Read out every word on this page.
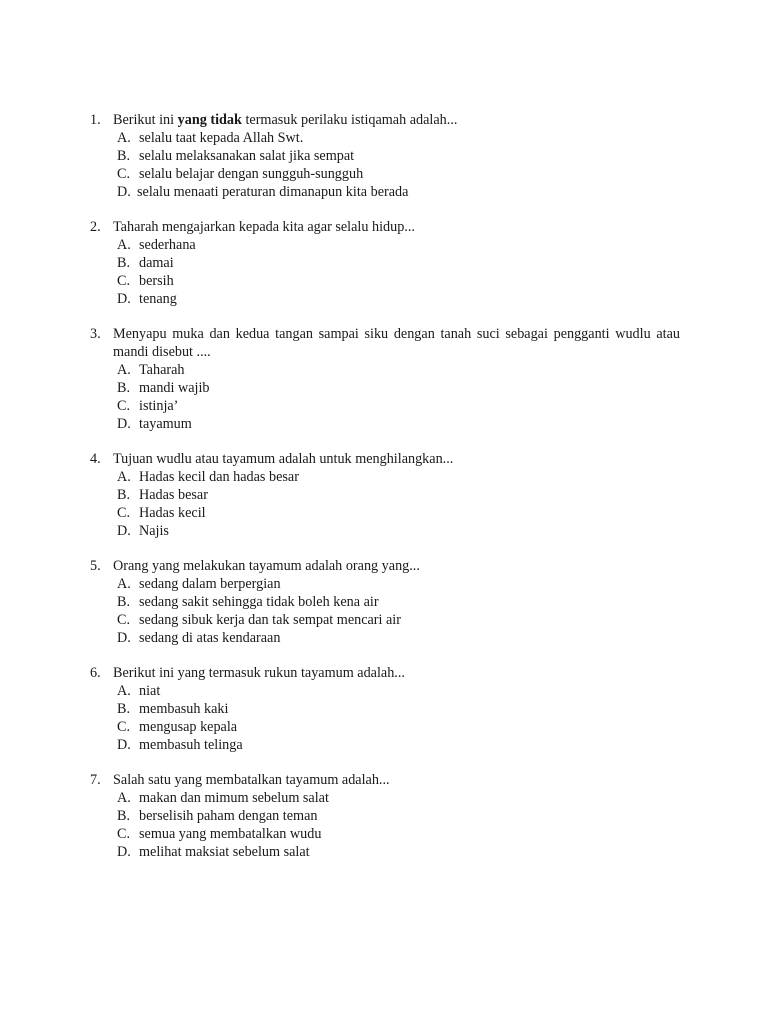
1. Berikut ini yang tidak termasuk perilaku istiqamah adalah...
A. selalu taat kepada Allah Swt.
B. selalu melaksanakan salat jika sempat
C. selalu belajar dengan sungguh-sungguh
D. selalu menaati peraturan dimanapun kita berada
2. Taharah mengajarkan kepada kita agar selalu hidup...
A. sederhana
B. damai
C. bersih
D. tenang
3. Menyapu muka dan kedua tangan sampai siku dengan tanah suci sebagai pengganti wudlu atau mandi disebut ....
A. Taharah
B. mandi wajib
C. istinja’
D. tayamum
4. Tujuan wudlu atau tayamum adalah untuk menghilangkan...
A. Hadas kecil dan hadas besar
B. Hadas besar
C. Hadas kecil
D. Najis
5. Orang yang melakukan tayamum adalah orang yang...
A. sedang dalam berpergian
B. sedang sakit sehingga tidak boleh kena air
C. sedang sibuk kerja dan tak sempat mencari air
D. sedang di atas kendaraan
6. Berikut ini yang termasuk rukun tayamum adalah...
A. niat
B. membasuh kaki
C. mengusap kepala
D. membasuh telinga
7. Salah satu yang membatalkan tayamum adalah...
A. makan dan mimum sebelum salat
B. berselisih paham dengan teman
C. semua yang membatalkan wudu
D. melihat maksiat sebelum salat
